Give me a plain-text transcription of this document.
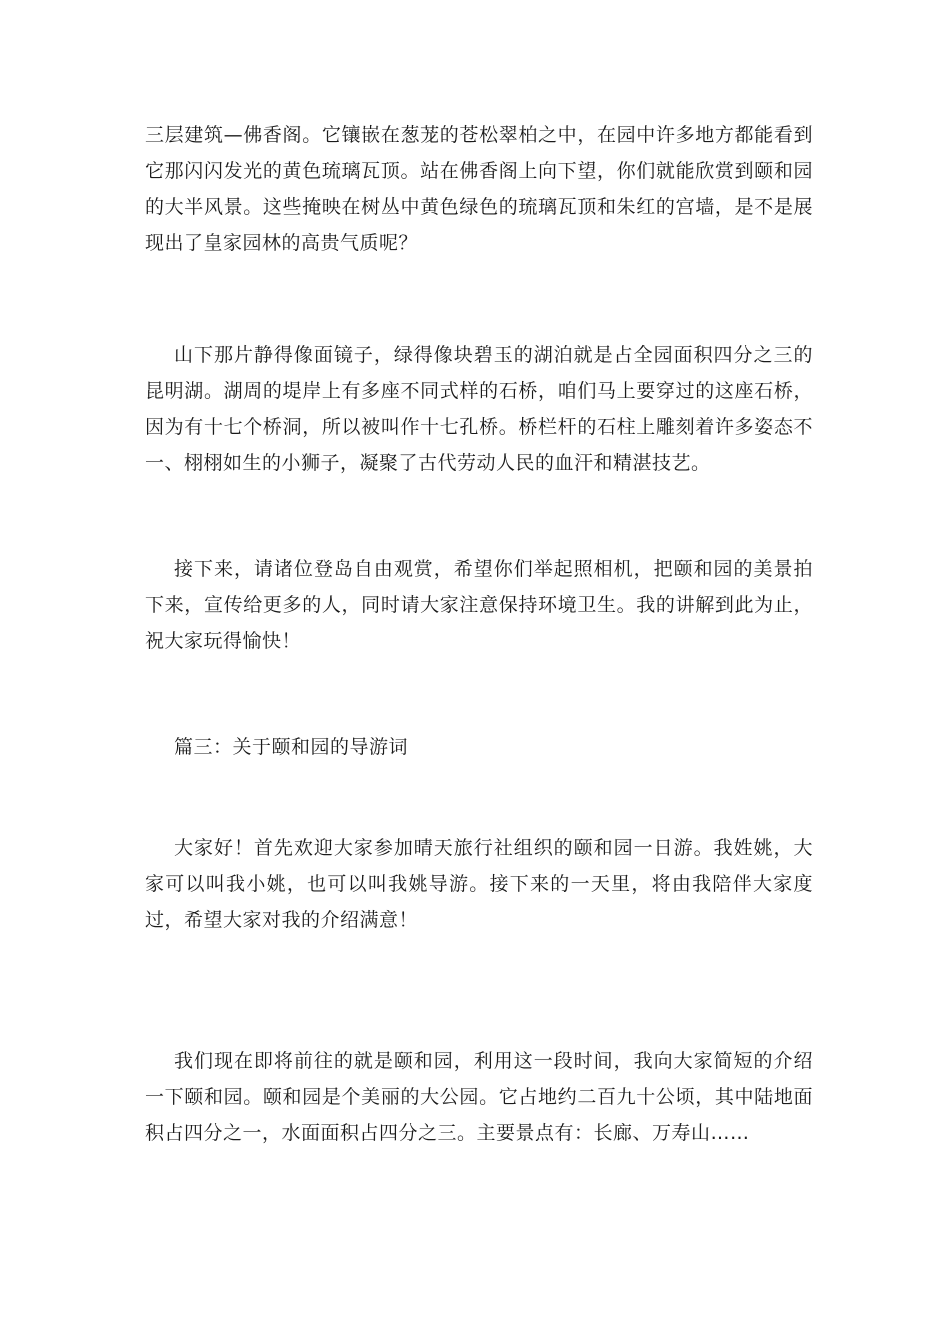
三层建筑—佛香阁。它镶嵌在葱茏的苍松翠柏之中，在园中许多地方都能看到它那闪闪发光的黄色琉璃瓦顶。站在佛香阁上向下望，你们就能欣赏到颐和园的大半风景。这些掩映在树丛中黄色绿色的琉璃瓦顶和朱红的宫墙，是不是展现出了皇家园林的高贵气质呢？

山下那片静得像面镜子，绿得像块碧玉的湖泊就是占全园面积四分之三的昆明湖。湖周的堤岸上有多座不同式样的石桥，咱们马上要穿过的这座石桥，因为有十七个桥洞，所以被叫作十七孔桥。桥栏杆的石柱上雕刻着许多姿态不一、栩栩如生的小狮子，凝聚了古代劳动人民的血汗和精湛技艺。

接下来，请诸位登岛自由观赏，希望你们举起照相机，把颐和园的美景拍下来，宣传给更多的人，同时请大家注意保持环境卫生。我的讲解到此为止，祝大家玩得愉快！

篇三：关于颐和园的导游词

大家好！首先欢迎大家参加晴天旅行社组织的颐和园一日游。我姓姚，大家可以叫我小姚，也可以叫我姚导游。接下来的一天里，将由我陪伴大家度过，希望大家对我的介绍满意！

我们现在即将前往的就是颐和园，利用这一段时间，我向大家简短的介绍一下颐和园。颐和园是个美丽的大公园。它占地约二百九十公顷，其中陆地面积占四分之一，水面面积占四分之三。主要景点有：长廊、万寿山……
